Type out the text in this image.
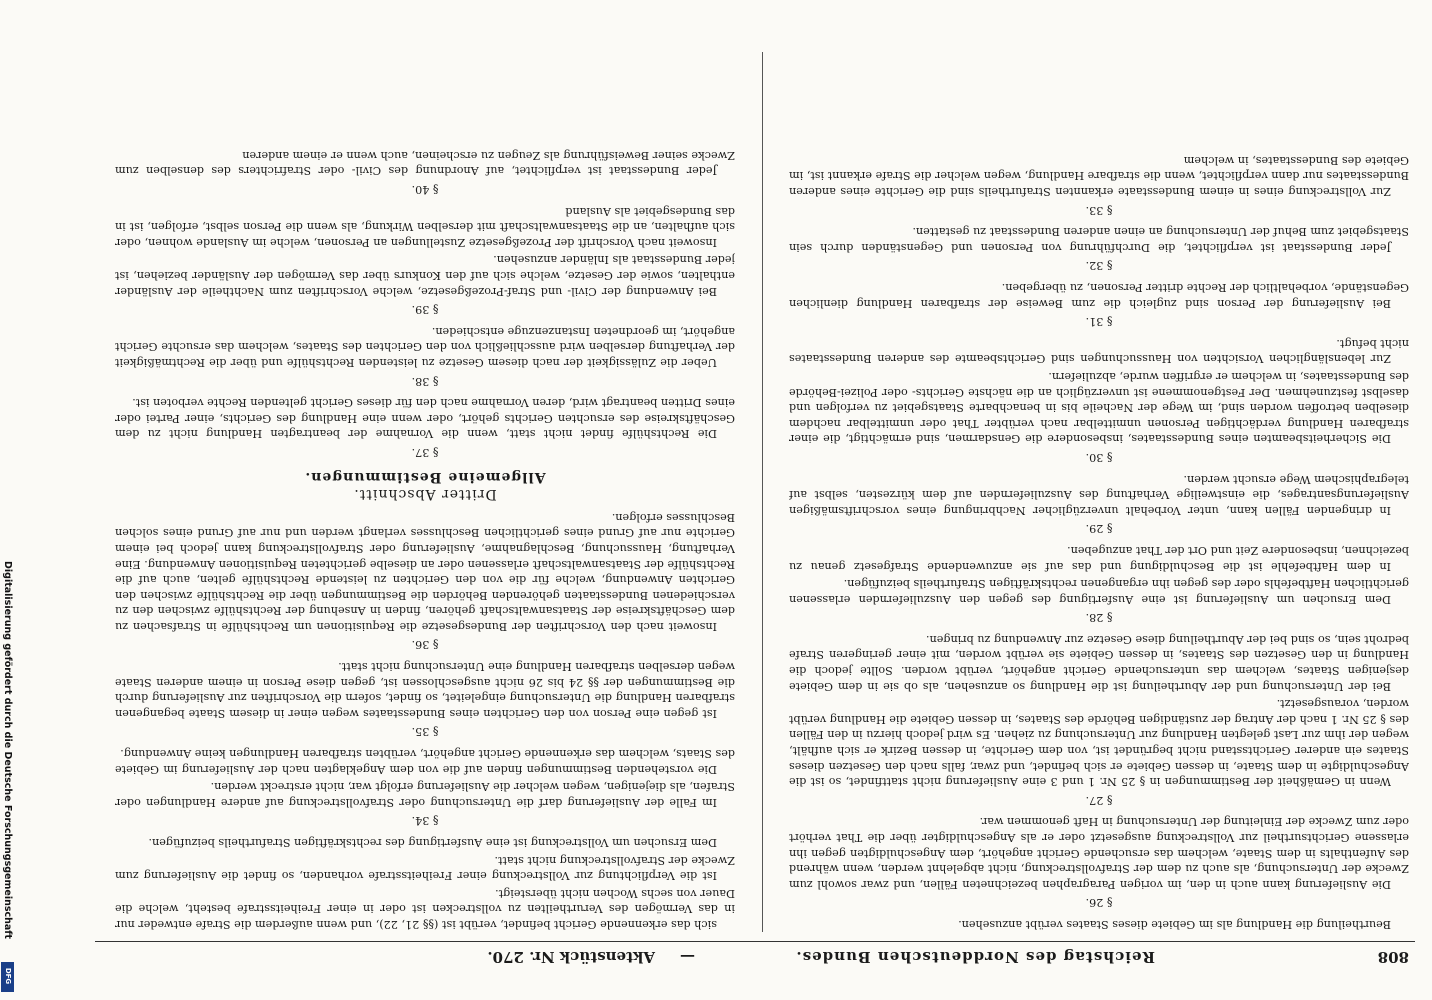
808
Reichstag des Norddeutschen Bundes.
—
Aktenstück Nr. 270.

Beurtheilung die Handlung als im Gebiete dieses Staates verübt anzusehen.

§ 26.

Die Auslieferung kann auch in den, im vorigen Paragraphen bezeichneten Fällen, und zwar sowohl zum Zwecke der Untersuchung, als auch zu dem der Strafvollstreckung, nicht abgelehnt werden, wenn während des Aufenthalts in dem Staate, welchem das ersuchende Gericht angehört, dem Angeschuldigten gegen ihn erlassene Gerichtsurtheil zur Vollstreckung ausgesetzt oder er als Angeschuldigter über die That verhört oder zum Zwecke der Einleitung der Untersuchung in Haft genommen war.

§ 27.

Wenn in Gemäßheit der Bestimmungen in § 25 Nr. 1 und 3 eine Auslieferung nicht stattfindet, so ist die Angeschuldigte in dem Staate, in dessen Gebiete er sich befindet, und zwar, falls nach den Gesetzen dieses Staates ein anderer Gerichtsstand nicht begründet ist, von dem Gerichte, in dessen Bezirk er sich aufhält, wegen der ihm zur Last gelegten Handlung zur Untersuchung zu ziehen. Es wird jedoch hierzu in den Fällen des § 25 Nr. 1 nach der Antrag der zuständigen Behörde des Staates, in dessen Gebiete die Handlung verübt worden, vorausgesetzt.

Bei der Untersuchung und der Aburtheilung ist die Handlung so anzusehen, als ob sie in dem Gebiete desjenigen Staates, welchem das untersuchende Gericht angehört, verübt worden. Sollte jedoch die Handlung in den Gesetzen des Staates, in dessen Gebiete sie verübt worden, mit einer geringeren Strafe bedroht sein, so sind bei der Aburtheilung diese Gesetze zur Anwendung zu bringen.

§ 28.

Dem Ersuchen um Auslieferung ist eine Ausfertigung des gegen den Auszuliefernden erlassenen gerichtlichen Haftbefehls oder des gegen ihn ergangenen rechtskräftigen Strafurtheils beizufügen.

In dem Haftbefehle ist die Beschuldigung und das auf sie anzuwendende Strafgesetz genau zu bezeichnen, insbesondere Zeit und Ort der That anzugeben.

§ 29.

In dringenden Fällen kann, unter Vorbehalt unverzüglicher Nachbringung eines vorschriftsmäßigen Auslieferungsantrages, die einstweilige Verhaftung des Auszuliefernden auf dem kürzesten, selbst auf telegraphischem Wege ersucht werden.

§ 30.

Die Sicherheitsbeamten eines Bundesstaates, insbesondere die Gensdarmen, sind ermächtigt, die einer strafbaren Handlung verdächtigen Personen unmittelbar nach verübter That oder unmittelbar nachdem dieselben betroffen worden sind, im Wege der Nacheile bis in benachbarte Staatsgebiet zu verfolgen und daselbst festzunehmen. Der Festgenommene ist unverzüglich an die nächste Gerichts- oder Polizei-Behörde des Bundesstaates, in welchem er ergriffen wurde, abzuliefern.

Zur lebenslänglichen Vorsichten von Haussuchungen sind Gerichtsbeamte des anderen Bundesstaates nicht befugt.

§ 31.

Bei Auslieferung der Person sind zugleich die zum Beweise der strafbaren Handlung dienlichen Gegenstände, vorbehaltlich der Rechte dritter Personen, zu übergeben.

§ 32.

Jeder Bundesstaat ist verpflichtet, die Durchführung von Personen und Gegenständen durch sein Staatsgebiet zum Behuf der Untersuchung an einen anderen Bundesstaat zu gestatten.

§ 33.

Zur Vollstreckung eines in einem Bundesstaate erkannten Strafurtheils sind die Gerichte eines anderen Bundesstaates nur dann verpflichtet, wenn die strafbare Handlung, wegen welcher die Strafe erkannt ist, im Gebiete des Bundesstaates, in welchem

sich das erkennende Gericht befindet, verübt ist (§§ 21, 22), und wenn außerdem die Strafe entweder nur in das Vermögen des Verurtheilten zu vollstrecken ist oder in einer Freiheitsstrafe besteht, welche die Dauer von sechs Wochen nicht übersteigt.

Ist die Verpflichtung zur Vollstreckung einer Freiheitsstrafe vorhanden, so findet die Auslieferung zum Zwecke der Strafvollstreckung nicht statt.

Dem Ersuchen um Vollstreckung ist eine Ausfertigung des rechtskräftigen Strafurtheils beizufügen.

§ 34.

Im Falle der Auslieferung darf die Untersuchung oder Strafvollstreckung auf andere Handlungen oder Strafen, als diejenigen, wegen welcher die Auslieferung erfolgt war, nicht erstreckt werden.

Die vorstehenden Bestimmungen finden auf die von dem Angeklagten nach der Auslieferung im Gebiete des Staats, welchem das erkennende Gericht angehört, verübten strafbaren Handlungen keine Anwendung.

§ 35.

Ist gegen eine Person von den Gerichten eines Bundesstaates wegen einer in diesem Staate begangenen strafbaren Handlung die Untersuchung eingeleitet, so findet, sofern die Vorschriften zur Auslieferung durch die Bestimmungen der §§ 24 bis 26 nicht ausgeschlossen ist, gegen diese Person in einem anderen Staate wegen derselben strafbaren Handlung eine Untersuchung nicht statt.

§ 36.

Insoweit nach den Vorschriften der Bundesgesetze die Requisitionen um Rechtshülfe in Strafsachen zu dem Geschäftskreise der Staatsanwaltschaft gehören, finden in Ansehung der Rechtshülfe zwischen den zu verschiedenen Bundesstaaten gehörenden Behörden die Bestimmungen über die Rechtshülfe zwischen den Gerichten Anwendung, welche für die von den Gerichten zu leistende Rechtshülfe gelten, auch auf die Rechtshülfe der Staatsanwaltschaft erlassenen oder an dieselbe gerichteten Requisitionen Anwendung. Eine Verhaftung, Haussuchung, Beschlagnahme, Auslieferung oder Strafvollstreckung kann jedoch bei einem Gerichte nur auf Grund eines gerichtlichen Beschlusses verlangt werden und nur auf Grund eines solchen Beschlusses erfolgen.

Dritter Abschnitt.
Allgemeine Bestimmungen.
§ 37.

Die Rechtshülfe findet nicht statt, wenn die Vornahme der beantragten Handlung nicht zu dem Geschäftskreise des ersuchten Gerichts gehört, oder wenn eine Handlung des Gerichts, einer Partei oder eines Dritten beantragt wird, deren Vornahme nach den für dieses Gericht geltenden Rechte verboten ist.

§ 38.

Ueber die Zulässigkeit der nach diesem Gesetze zu leistenden Rechtshülfe und über die Rechtmäßigkeit der Verhaftung derselben wird ausschließlich von den Gerichten des Staates, welchem das ersuchte Gericht angehört, im geordneten Instanzenzuge entschieden.

§ 39.

Bei Anwendung der Civil- und Straf-Prozeßgesetze, welche Vorschriften zum Nachtheile der Ausländer enthalten, sowie der Gesetze, welche sich auf den Konkurs über das Vermögen der Ausländer beziehen, ist jeder Bundesstaat als Inländer anzusehen.

Insoweit nach Vorschrift der Prozeßgesetze Zustellungen an Personen, welche im Auslande wohnen, oder sich aufhalten, an die Staatsanwaltschaft mit derselben Wirkung, als wenn die Person selbst, erfolgen, ist in das Bundesgebiet als Ausland

§ 40.

Jeder Bundesstaat ist verpflichtet, auf Anordnung des Civil- oder Strafrichters des denselben zum Zwecke seiner Beweisführung als Zeugen zu erscheinen, auch wenn er einem anderen

Digitalisierung gefördert durch die Deutsche Forschungsgemeinschaft
DFG
